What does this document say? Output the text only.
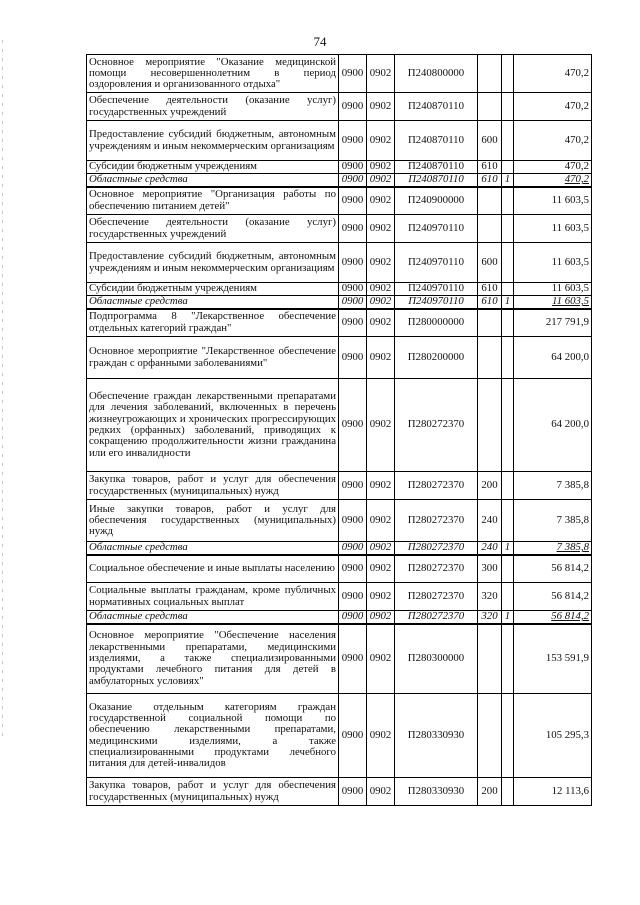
74
Основное мероприятие "Оказание медицинской помощи несовершеннолетним в период оздоровления и организованного отдыха"	0900	0902	П240800000			470,2
Обеспечение деятельности (оказание услуг) государственных учреждений	0900	0902	П240870110			470,2
Предоставление субсидий бюджетным, автономным учреждениям и иным некоммерческим организациям	0900	0902	П240870110	600		470,2
Субсидии бюджетным учреждениям	0900	0902	П240870110	610		470,2
Областные средства	0900	0902	П240870110	610	1	470,2
Основное мероприятие "Организация работы по обеспечению питанием детей"	0900	0902	П240900000			11 603,5
Обеспечение деятельности (оказание услуг) государственных учреждений	0900	0902	П240970110			11 603,5
Предоставление субсидий бюджетным, автономным учреждениям и иным некоммерческим организациям	0900	0902	П240970110	600		11 603,5
Субсидии бюджетным учреждениям	0900	0902	П240970110	610		11 603,5
Областные средства	0900	0902	П240970110	610	1	11 603,5
Подпрограмма 8 "Лекарственное обеспечение отдельных категорий граждан"	0900	0902	П280000000			217 791,9
Основное мероприятие "Лекарственное обеспечение граждан с орфанными заболеваниями"	0900	0902	П280200000			64 200,0
Обеспечение граждан лекарственными препаратами для лечения заболеваний, включенных в перечень жизнеугрожающих и хронических прогрессирующих редких (орфанных) заболеваний, приводящих к сокращению продолжительности жизни гражданина или его инвалидности	0900	0902	П280272370			64 200,0
Закупка товаров, работ и услуг для обеспечения государственных (муниципальных) нужд	0900	0902	П280272370	200		7 385,8
Иные закупки товаров, работ и услуг для обеспечения государственных (муниципальных) нужд	0900	0902	П280272370	240		7 385,8
Областные средства	0900	0902	П280272370	240	1	7 385,8
Социальное обеспечение и иные выплаты населению	0900	0902	П280272370	300		56 814,2
Социальные выплаты гражданам, кроме публичных нормативных социальных выплат	0900	0902	П280272370	320		56 814,2
Областные средства	0900	0902	П280272370	320	1	56 814,2
Основное мероприятие "Обеспечение населения лекарственными препаратами, медицинскими изделиями, а также специализированными продуктами лечебного питания для детей в амбулаторных условиях"	0900	0902	П280300000			153 591,9
Оказание отдельным категориям граждан государственной социальной помощи по обеспечению лекарственными препаратами, медицинскими изделиями, а также специализированными продуктами лечебного питания для детей-инвалидов	0900	0902	П280330930			105 295,3
Закупка товаров, работ и услуг для обеспечения государственных (муниципальных) нужд	0900	0902	П280330930	200		12 113,6
